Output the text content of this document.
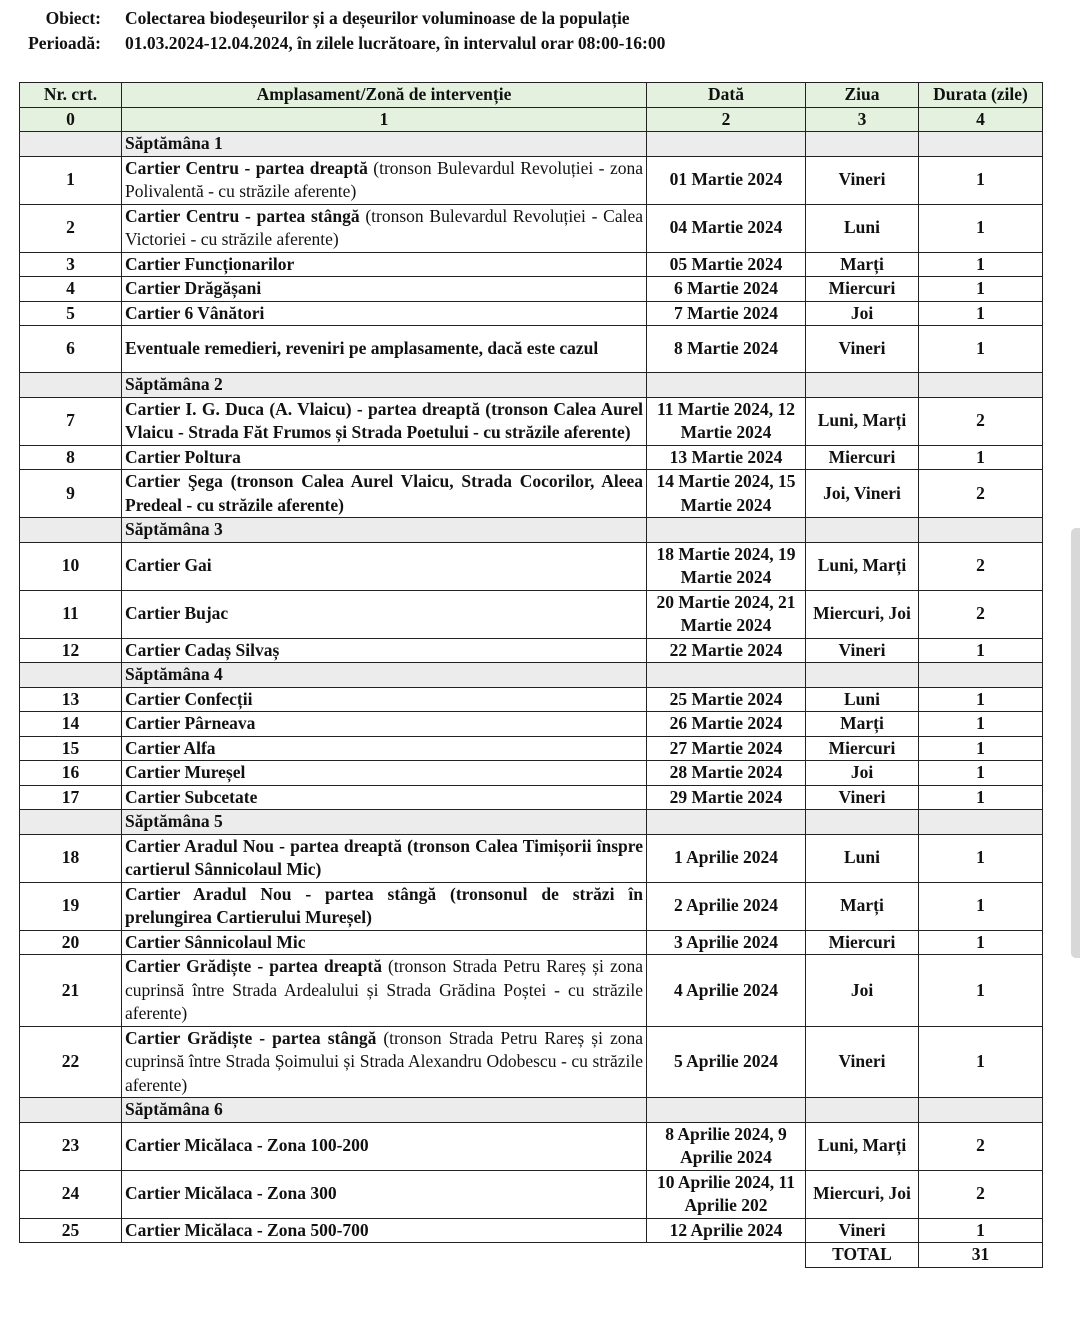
Obiect: Colectarea biodeșeurilor și a deșeurilor voluminoase de la populație
Perioadă: 01.03.2024-12.04.2024, în zilele lucrătoare, în intervalul orar 08:00-16:00
Nr. crt.	Amplasament/Zonă de intervenție	Dată	Ziua	Durata (zile)
0	1	2	3	4
	Săptămâna 1			
1	Cartier Centru - partea dreaptă (tronson Bulevardul Revoluției - zona Polivalentă - cu străzile aferente)	01 Martie 2024	Vineri	1
2	Cartier Centru - partea stângă (tronson Bulevardul Revoluției - Calea Victoriei - cu străzile aferente)	04 Martie 2024	Luni	1
3	Cartier Funcționarilor	05 Martie 2024	Marți	1
4	Cartier Drăgășani	6 Martie 2024	Miercuri	1
5	Cartier 6 Vânători	7 Martie 2024	Joi	1
6	Eventuale remedieri, reveniri pe amplasamente, dacă este cazul	8 Martie 2024	Vineri	1
	Săptămâna 2			
7	Cartier I. G. Duca (A. Vlaicu) - partea dreaptă (tronson Calea Aurel Vlaicu - Strada Făt Frumos și Strada Poetului - cu străzile aferente)	11 Martie 2024, 12 Martie 2024	Luni, Marți	2
8	Cartier Poltura	13 Martie 2024	Miercuri	1
9	Cartier Şega (tronson Calea Aurel Vlaicu, Strada Cocorilor, Aleea Predeal - cu străzile aferente)	14 Martie 2024, 15 Martie 2024	Joi, Vineri	2
	Săptămâna 3			
10	Cartier Gai	18 Martie 2024, 19 Martie 2024	Luni, Marți	2
11	Cartier Bujac	20 Martie 2024, 21 Martie 2024	Miercuri, Joi	2
12	Cartier Cadaș Silvaș	22 Martie 2024	Vineri	1
	Săptămâna 4			
13	Cartier Confecții	25 Martie 2024	Luni	1
14	Cartier Pârneava	26 Martie 2024	Marți	1
15	Cartier Alfa	27 Martie 2024	Miercuri	1
16	Cartier Mureșel	28 Martie 2024	Joi	1
17	Cartier Subcetate	29 Martie 2024	Vineri	1
	Săptămâna 5			
18	Cartier Aradul Nou - partea dreaptă (tronson Calea Timișorii înspre cartierul Sânnicolaul Mic)	1 Aprilie 2024	Luni	1
19	Cartier Aradul Nou - partea stângă (tronsonul de străzi în prelungirea Cartierului Mureșel)	2 Aprilie 2024	Marți	1
20	Cartier Sânnicolaul Mic	3 Aprilie 2024	Miercuri	1
21	Cartier Grădiște - partea dreaptă (tronson Strada Petru Rareș și zona cuprinsă între Strada Ardealului și Strada Grădina Poștei - cu străzile aferente)	4 Aprilie 2024	Joi	1
22	Cartier Grădiște - partea stângă (tronson Strada Petru Rareș și zona cuprinsă între Strada Șoimului și Strada Alexandru Odobescu - cu străzile aferente)	5 Aprilie 2024	Vineri	1
	Săptămâna 6			
23	Cartier Micălaca - Zona 100-200	8 Aprilie 2024, 9 Aprilie 2024	Luni, Marți	2
24	Cartier Micălaca - Zona 300	10 Aprilie 2024, 11 Aprilie 202	Miercuri, Joi	2
25	Cartier Micălaca - Zona 500-700	12 Aprilie 2024	Vineri	1
			TOTAL	31
